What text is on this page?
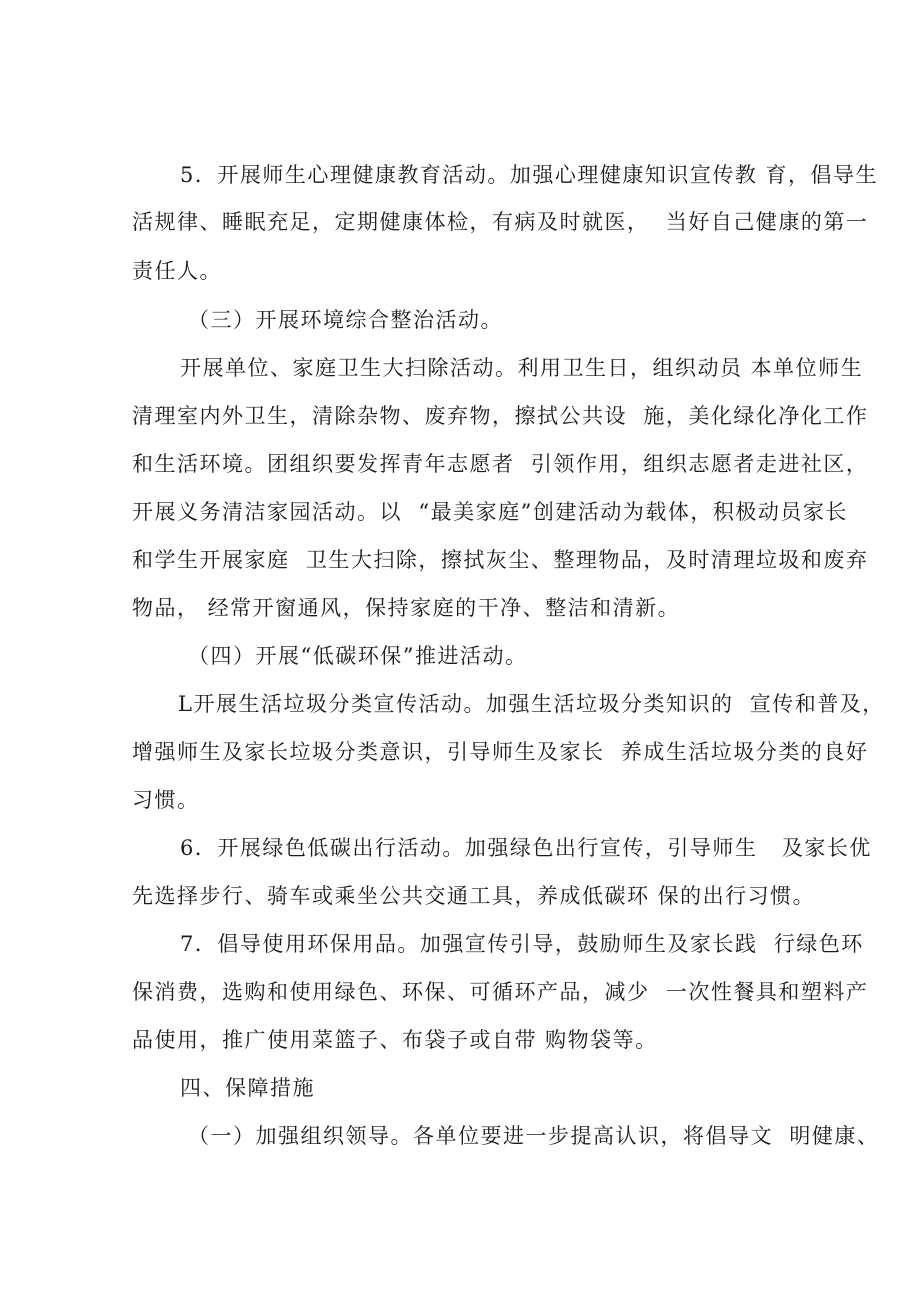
5．开展师生心理健康教育活动。加强心理健康知识宣传教 育，倡导生
活规律、睡眠充足，定期健康体检，有病及时就医，  当好自己健康的第一
责任人。
（三）开展环境综合整治活动。
开展单位、家庭卫生大扫除活动。利用卫生日，组织动员 本单位师生
清理室内外卫生，清除杂物、废弃物，擦拭公共设  施，美化绿化净化工作
和生活环境。团组织要发挥青年志愿者  引领作用，组织志愿者走进社区，
开展义务清洁家园活动。以  “最美家庭”创建活动为载体，积极动员家长
和学生开展家庭  卫生大扫除，擦拭灰尘、整理物品，及时清理垃圾和废弃
物品， 经常开窗通风，保持家庭的干净、整洁和清新。
（四）开展“低碳环保”推进活动。
L开展生活垃圾分类宣传活动。加强生活垃圾分类知识的  宣传和普及，
增强师生及家长垃圾分类意识，引导师生及家长  养成生活垃圾分类的良好
习惯。
6．开展绿色低碳出行活动。加强绿色出行宣传，引导师生   及家长优
先选择步行、骑车或乘坐公共交通工具，养成低碳环 保的出行习惯。
7．倡导使用环保用品。加强宣传引导，鼓励师生及家长践  行绿色环
保消费，选购和使用绿色、环保、可循环产品，减少  一次性餐具和塑料产
品使用，推广使用菜篮子、布袋子或自带 购物袋等。
四、保障措施
（一）加强组织领导。各单位要进一步提高认识，将倡导文  明健康、
